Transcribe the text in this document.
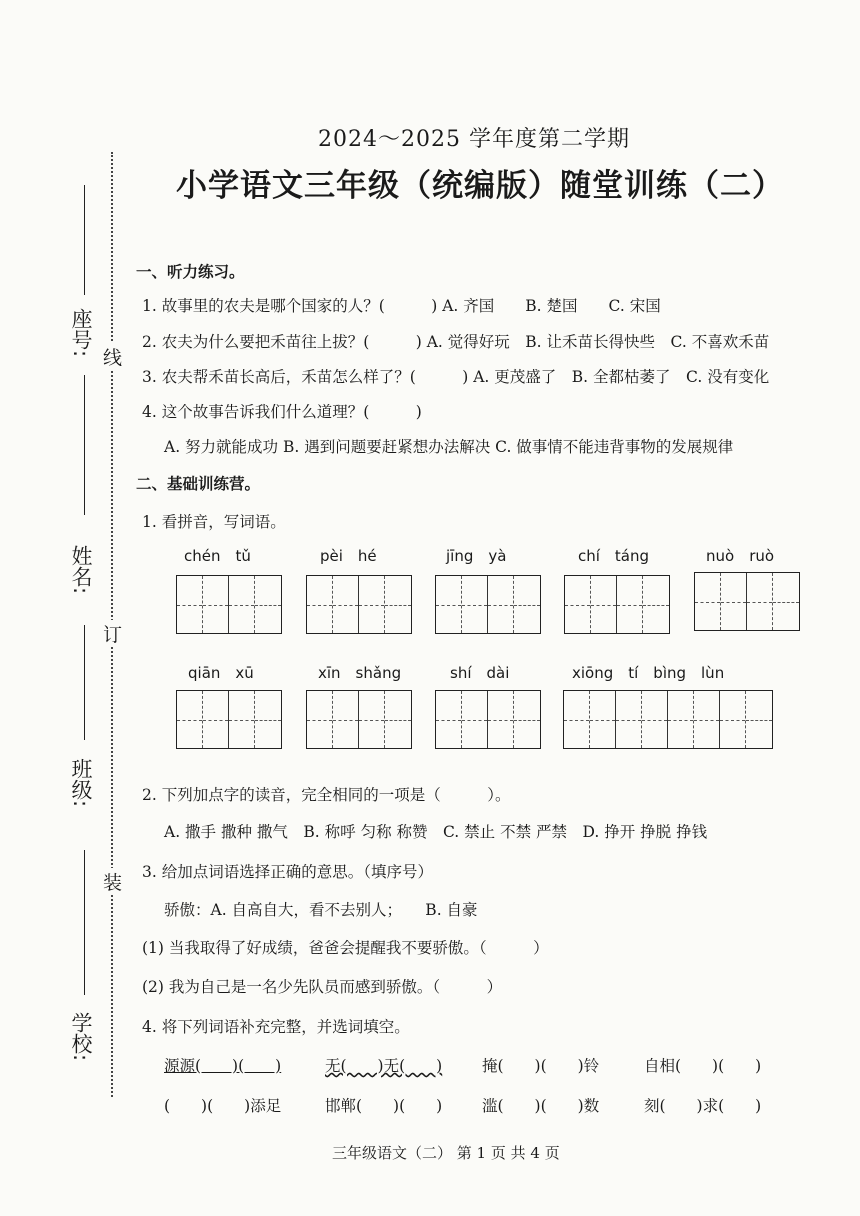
2024～2025 学年度第二学期
小学语文三年级（统编版）随堂训练（二）
座号:
姓名:
班级:
学校:
线
订
装
一、听力练习。
1. 故事里的农夫是哪个国家的人？(　　　) A. 齐国　　B. 楚国　　C. 宋国
2. 农夫为什么要把禾苗往上拔？(　　　) A. 觉得好玩　B. 让禾苗长得快些　C. 不喜欢禾苗
3. 农夫帮禾苗长高后，禾苗怎么样了？(　　　) A. 更茂盛了　B. 全都枯萎了　C. 没有变化
4. 这个故事告诉我们什么道理？(　　　)
A. 努力就能成功 B. 遇到问题要赶紧想办法解决 C. 做事情不能违背事物的发展规律
二、基础训练营。
1. 看拼音，写词语。
chén　tǔ	pèi　hé	jīng　yà	chí　táng	nuò　ruò
qiān　xū	xīn　shǎng	shí　dài	xiōng　tí　bìng　lùn
2. 下列加点字的读音，完全相同的一项是（　　　）。
A. 撒手 撒种 撒气　B. 称呼 匀称 称赞　C. 禁止 不禁 严禁　D. 挣开 挣脱 挣钱
3. 给加点词语选择正确的意思。（填序号）
骄傲：A. 自高自大，看不去别人；　　B. 自豪
(1) 当我取得了好成绩，爸爸会提醒我不要骄傲。（　　　）
(2) 我为自己是一名少先队员而感到骄傲。（　　　）
4. 将下列词语补充完整，并选词填空。
源源(　　)(　　)	无(　　)无(　　)	掩(　　)(　　)铃	自相(　　)(　　)
(　　)(　　)添足	邯郸(　　)(　　)	滥(　　)(　　)数	刻(　　)求(　　)
三年级语文（二） 第 1 页 共 4 页
